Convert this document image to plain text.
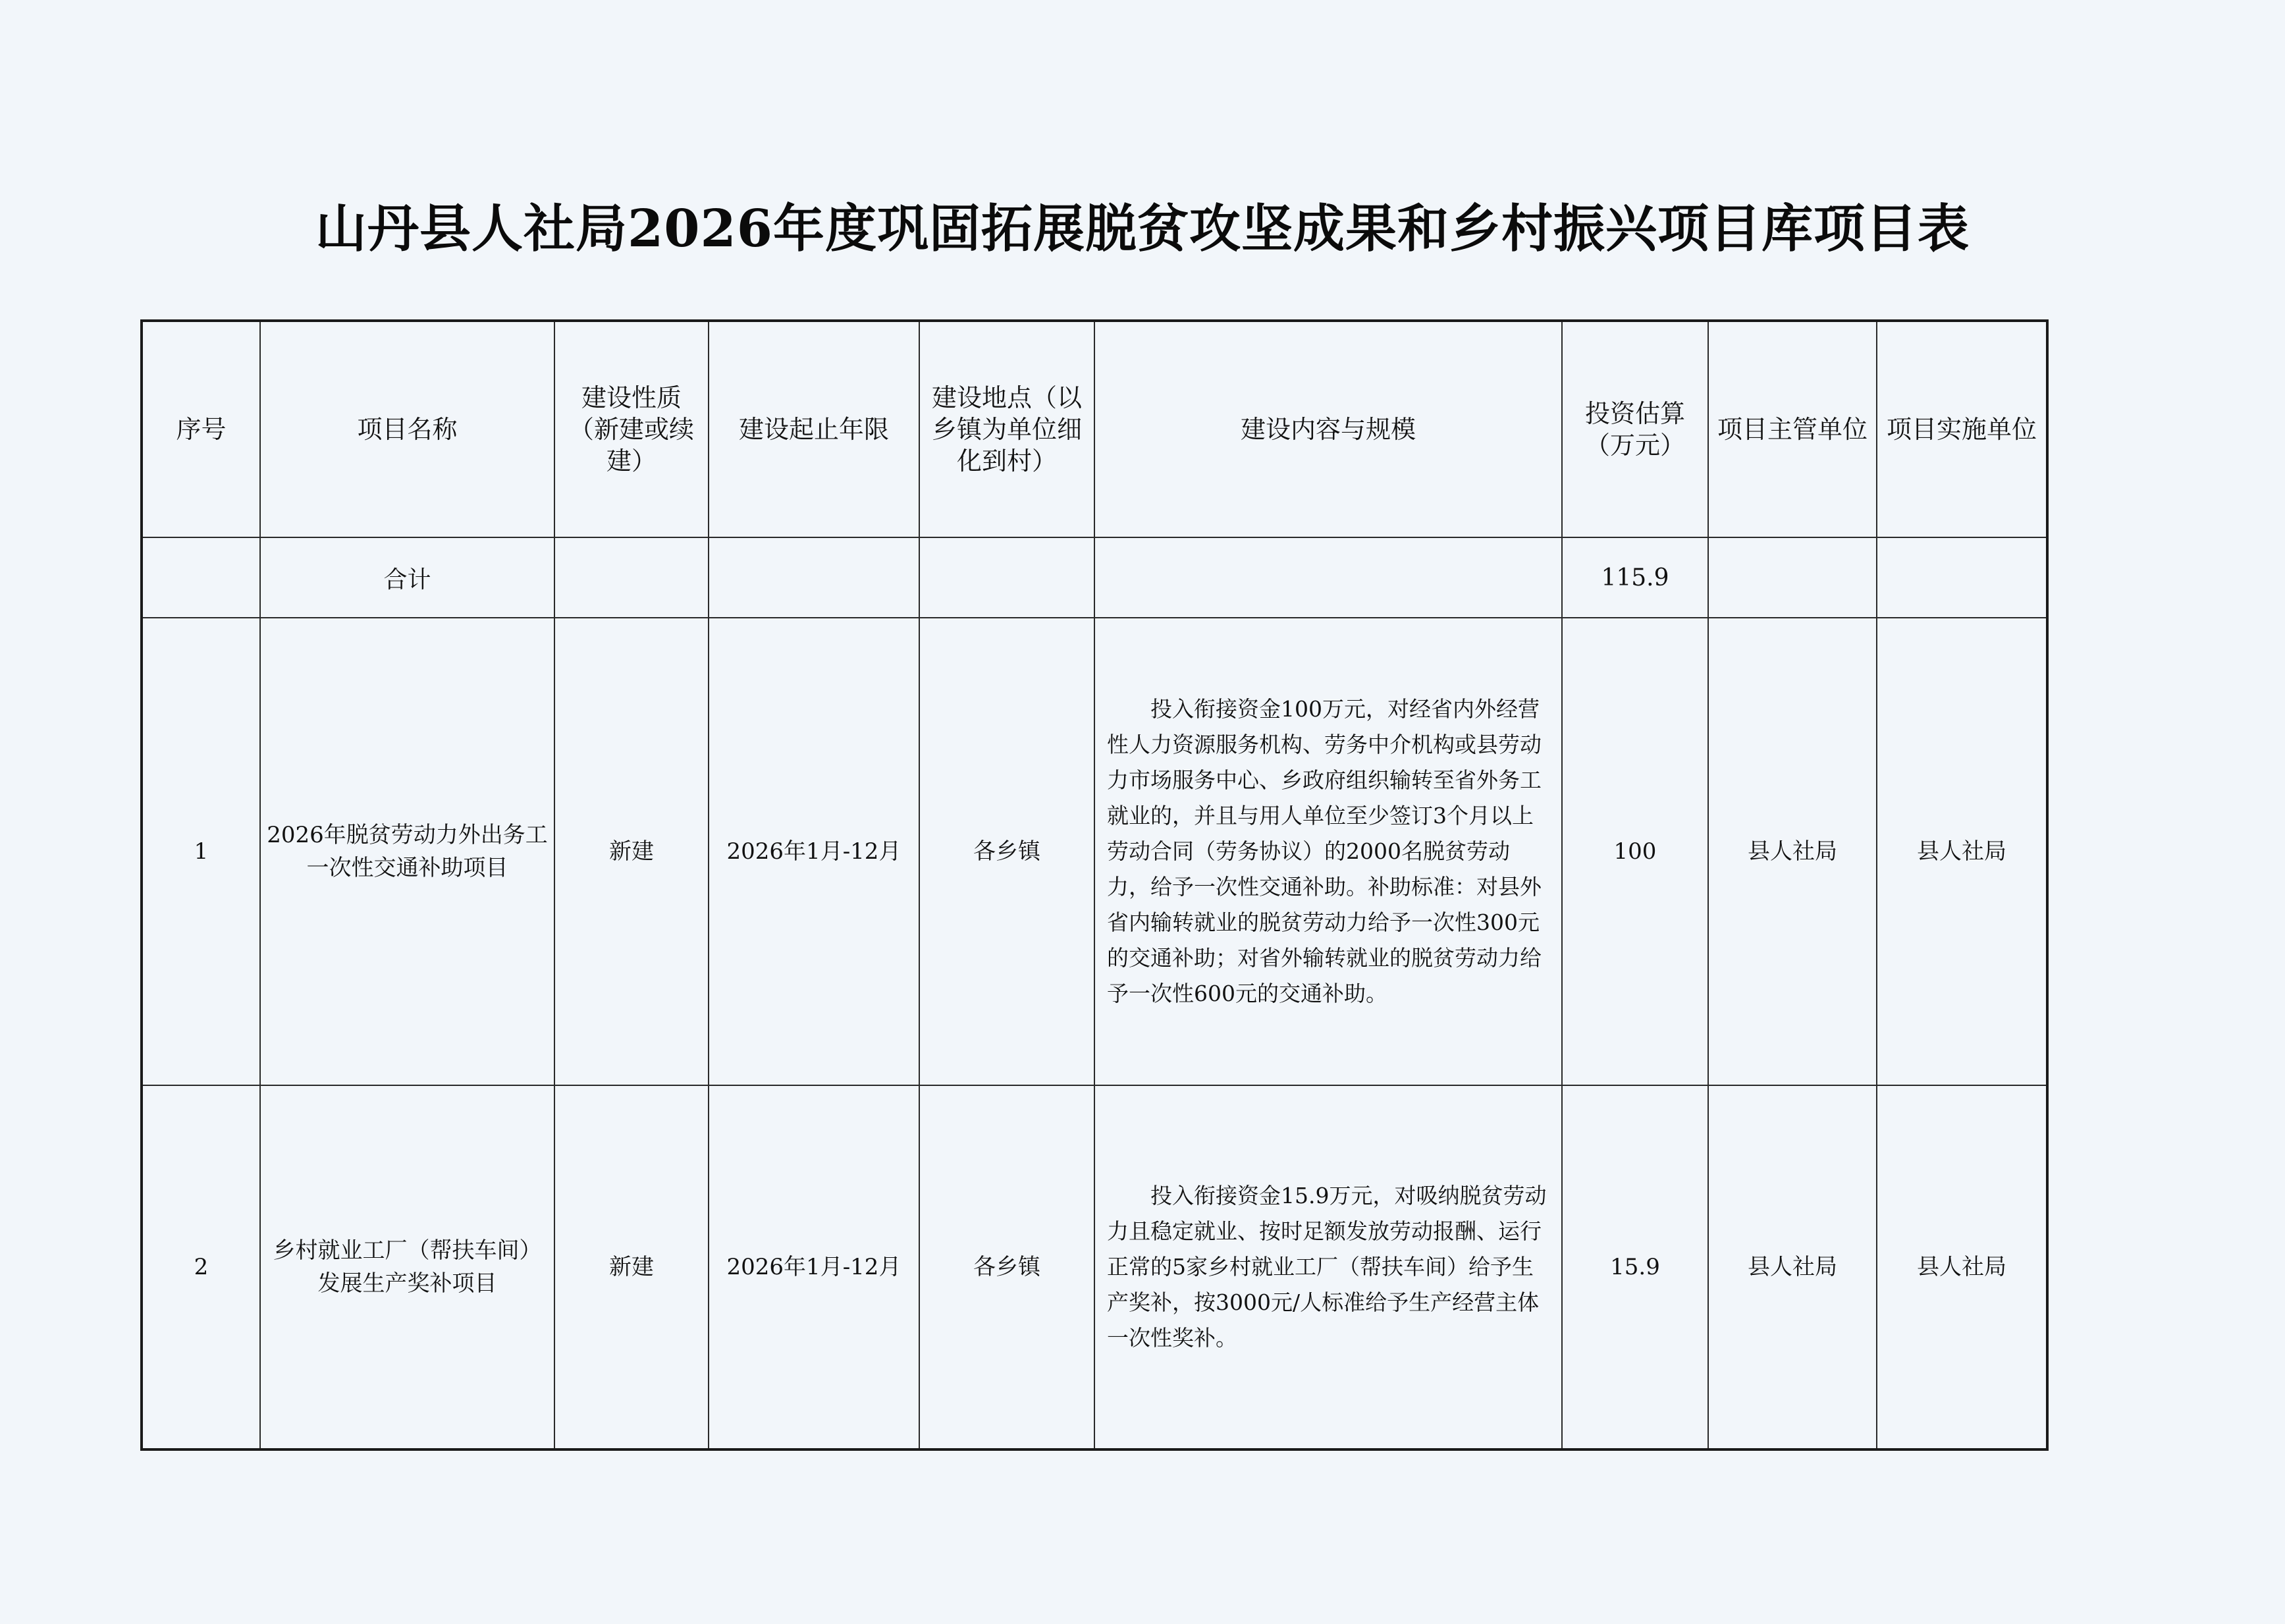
山丹县人社局2026年度巩固拓展脱贫攻坚成果和乡村振兴项目库项目表
序号	项目名称	建设性质（新建或续建）	建设起止年限	建设地点（以乡镇为单位细化到村）	建设内容与规模	投资估算（万元）	项目主管单位	项目实施单位
	合计					115.9		
1	2026年脱贫劳动力外出务工一次性交通补助项目	新建	2026年1月-12月	各乡镇	投入衔接资金100万元，对经省内外经营性人力资源服务机构、劳务中介机构或县劳动力市场服务中心、乡政府组织输转至省外务工就业的，并且与用人单位至少签订3个月以上劳动合同（劳务协议）的2000名脱贫劳动力，给予一次性交通补助。补助标准：对县外省内输转就业的脱贫劳动力给予一次性300元的交通补助；对省外输转就业的脱贫劳动力给予一次性600元的交通补助。	100	县人社局	县人社局
2	乡村就业工厂（帮扶车间）发展生产奖补项目	新建	2026年1月-12月	各乡镇	投入衔接资金15.9万元，对吸纳脱贫劳动力且稳定就业、按时足额发放劳动报酬、运行正常的5家乡村就业工厂（帮扶车间）给予生产奖补，按3000元/人标准给予生产经营主体一次性奖补。	15.9	县人社局	县人社局
